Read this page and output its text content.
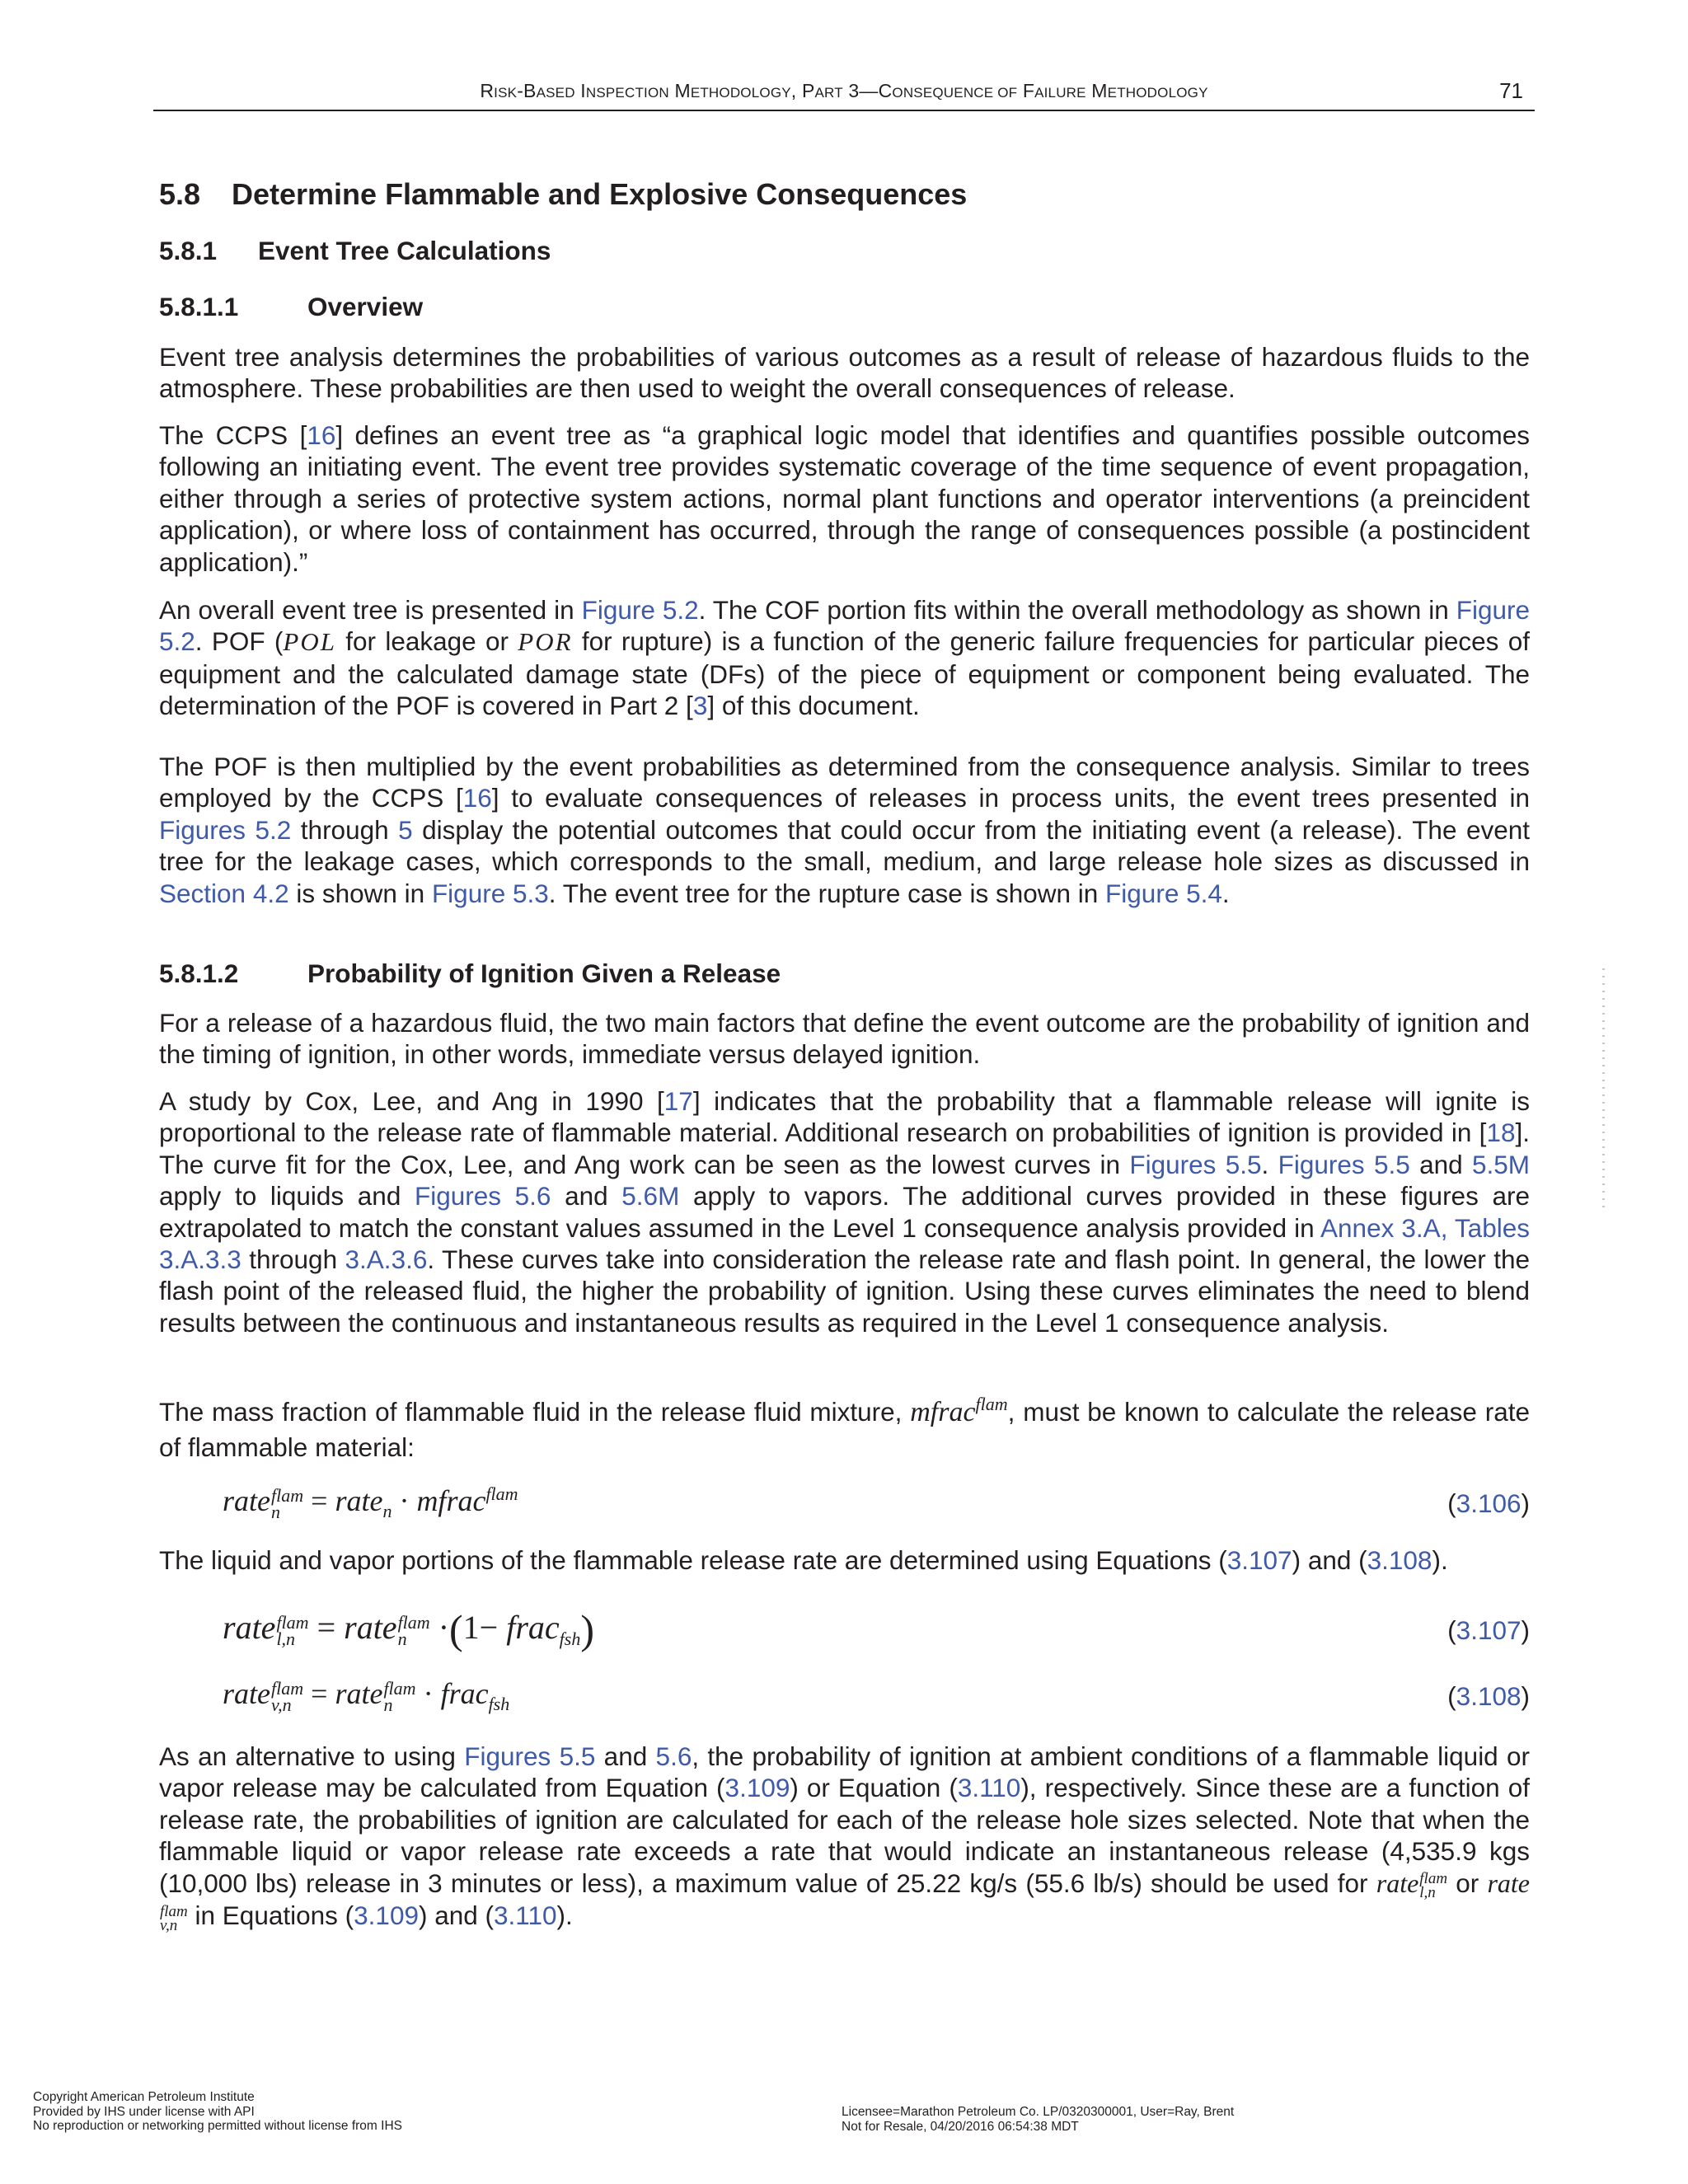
RISK-BASED INSPECTION METHODOLOGY, PART 3—CONSEQUENCE OF FAILURE METHODOLOGY	71
5.8 Determine Flammable and Explosive Consequences
5.8.1 Event Tree Calculations
5.8.1.1	Overview

Event tree analysis determines the probabilities of various outcomes as a result of release of hazardous fluids to the atmosphere. These probabilities are then used to weight the overall consequences of release.

The CCPS [16] defines an event tree as “a graphical logic model that identifies and quantifies possible outcomes following an initiating event. The event tree provides systematic coverage of the time sequence of event propagation, either through a series of protective system actions, normal plant functions and operator interventions (a preincident application), or where loss of containment has occurred, through the range of consequences possible (a postincident application).”

An overall event tree is presented in Figure 5.2. The COF portion fits within the overall methodology as shown in Figure 5.2. POF (POL for leakage or POR for rupture) is a function of the generic failure frequencies for particular pieces of equipment and the calculated damage state (DFs) of the piece of equipment or component being evaluated. The determination of the POF is covered in Part 2 [3] of this document.

The POF is then multiplied by the event probabilities as determined from the consequence analysis. Similar to trees employed by the CCPS [16] to evaluate consequences of releases in process units, the event trees presented in Figures 5.2 through 5 display the potential outcomes that could occur from the initiating event (a release). The event tree for the leakage cases, which corresponds to the small, medium, and large release hole sizes as discussed in Section 4.2 is shown in Figure 5.3. The event tree for the rupture case is shown in Figure 5.4.

5.8.1.2	Probability of Ignition Given a Release

For a release of a hazardous fluid, the two main factors that define the event outcome are the probability of ignition and the timing of ignition, in other words, immediate versus delayed ignition.

A study by Cox, Lee, and Ang in 1990 [17] indicates that the probability that a flammable release will ignite is proportional to the release rate of flammable material. Additional research on probabilities of ignition is provided in [18]. The curve fit for the Cox, Lee, and Ang work can be seen as the lowest curves in Figures 5.5. Figures 5.5 and 5.5M apply to liquids and Figures 5.6 and 5.6M apply to vapors. The additional curves provided in these figures are extrapolated to match the constant values assumed in the Level 1 consequence analysis provided in Annex 3.A, Tables 3.A.3.3 through 3.A.3.6. These curves take into consideration the release rate and flash point. In general, the lower the flash point of the released fluid, the higher the probability of ignition. Using these curves eliminates the need to blend results between the continuous and instantaneous results as required in the Level 1 consequence analysis.

The mass fraction of flammable fluid in the release fluid mixture, mfrac$^{flam}$, must be known to calculate the release rate of flammable material:

rate flam
n	= rate$_n$ · mfrac$^{flam}$	(3.106)

The liquid and vapor portions of the flammable release rate are determined using Equations (3.107) and (3.108).

rate flam
l,n = rate flam
n ·(1− frac$_{fsh}$)	(3.107)
rate flam
v,n = rate flam
n	· frac$_{fsh}$	(3.108)

As an alternative to using Figures 5.5 and 5.6, the probability of ignition at ambient conditions of a flammable liquid or vapor release may be calculated from Equation (3.109) or Equation (3.110), respectively. Since these are a function of release rate, the probabilities of ignition are calculated for each of the release hole sizes selected. Note that when the flammable liquid or vapor release rate exceeds a rate that would indicate an instantaneous release (4,535.9 kgs (10,000 lbs) release in 3 minutes or less), a maximum value of 25.22 kg/s (55.6 lb/s) should be used for rate flam
l,n or rate
flam
v,n in Equations (3.109) and (3.110).

Copyright American Petroleum Institute
Provided by IHS under license with API
No reproduction or networking permitted without license from IHS
Licensee=Marathon Petroleum Co. LP/0320300001, User=Ray, Brent
Not for Resale, 04/20/2016 06:54:38 MDT
